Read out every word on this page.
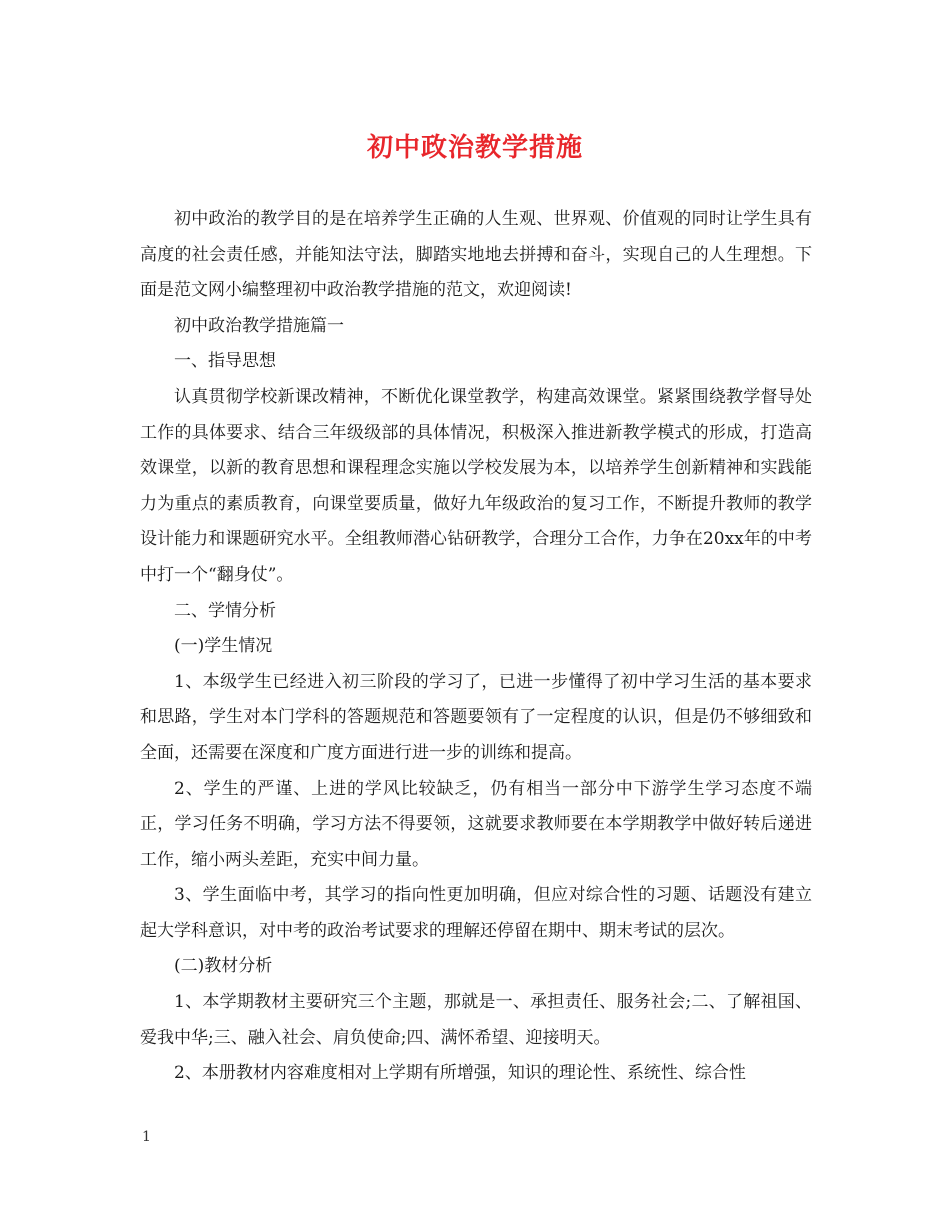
初中政治教学措施

初中政治的教学目的是在培养学生正确的人生观、世界观、价值观的同时让学生具有高度的社会责任感，并能知法守法，脚踏实地地去拼搏和奋斗，实现自己的人生理想。下面是范文网小编整理初中政治教学措施的范文，欢迎阅读!

初中政治教学措施篇一

一、指导思想

认真贯彻学校新课改精神，不断优化课堂教学，构建高效课堂。紧紧围绕教学督导处工作的具体要求、结合三年级级部的具体情况，积极深入推进新教学模式的形成，打造高效课堂，以新的教育思想和课程理念实施以学校发展为本，以培养学生创新精神和实践能力为重点的素质教育，向课堂要质量，做好九年级政治的复习工作，不断提升教师的教学设计能力和课题研究水平。全组教师潜心钻研教学，合理分工合作，力争在20xx年的中考中打一个“翻身仗”。

二、学情分析

(一)学生情况

1、本级学生已经进入初三阶段的学习了，已进一步懂得了初中学习生活的基本要求和思路，学生对本门学科的答题规范和答题要领有了一定程度的认识，但是仍不够细致和全面，还需要在深度和广度方面进行进一步的训练和提高。

2、学生的严谨、上进的学风比较缺乏，仍有相当一部分中下游学生学习态度不端正，学习任务不明确，学习方法不得要领，这就要求教师要在本学期教学中做好转后递进工作，缩小两头差距，充实中间力量。

3、学生面临中考，其学习的指向性更加明确，但应对综合性的习题、话题没有建立起大学科意识，对中考的政治考试要求的理解还停留在期中、期末考试的层次。

(二)教材分析

1、本学期教材主要研究三个主题，那就是一、承担责任、服务社会;二、了解祖国、爱我中华;三、融入社会、肩负使命;四、满怀希望、迎接明天。

2、本册教材内容难度相对上学期有所增强，知识的理论性、系统性、综合性

1
